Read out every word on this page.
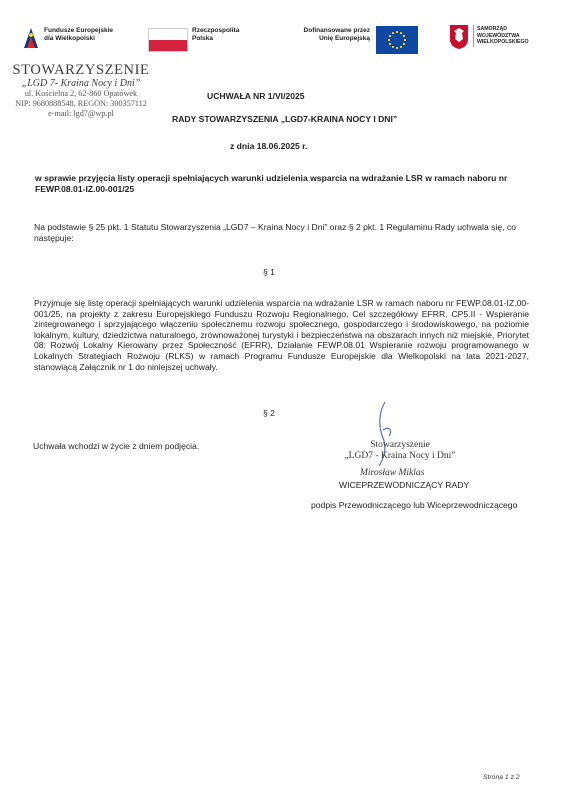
Fundusze Europejskie
dla Wielkopolski
Rzeczpospolita
Polska
Dofinansowane przez
Unię Europejską
SAMORZĄD
WOJEWÓDZTWA
WIELKOPOLSKIEGO
STOWARZYSZENIE
„LGD 7- Kraina Nocy i Dni”
ul. Kościelna 2, 62-860 Opatówek
NIP: 9680888548, REGON: 300357112
e-mail: lgd7@wp.pl
UCHWAŁA NR 1/VI/2025
RADY STOWARZYSZENIA „LGD7-KRAINA NOCY I DNI”
z dnia 18.06.2025 r.
w sprawie przyjęcia listy operacji spełniających warunki udzielenia wsparcia na wdrażanie LSR w ramach naboru nr FEWP.08.01-IZ.00-001/25
Na podstawie § 25 pkt. 1 Statutu Stowarzyszenia „LGD7 – Kraina Nocy i Dni” oraz § 2 pkt. 1 Regulaminu Rady uchwala się, co następuje:
§ 1
Przyjmuje się listę operacji spełniających warunki udzielenia wsparcia na wdrażanie LSR w ramach naboru nr FEWP.08.01-IZ.00-001/25, na projekty z zakresu Europejskiego Funduszu Rozwoju Regionalnego, Cel szczegółowy EFRR. CP5.II - Wspieranie zintegrowanego i sprzyjającego włączeniu społecznemu rozwoju społecznego, gospodarczego i środowiskowego, na poziomie lokalnym, kultury, dziedzictwa naturalnego, zrównoważonej turystyki i bezpieczeństwa na obszarach innych niż miejskie, Priorytet 08: Rozwój Lokalny Kierowany przez Społeczność (EFRR), Działanie FEWP.08.01 Wspieranie rozwoju programowanego w Lokalnych Strategiach Rozwoju (RLKS) w ramach Programu Fundusze Europejskie dla Wielkopolski na lata 2021-2027, stanowiącą Załącznik nr 1 do niniejszej uchwały.
§ 2
Uchwała wchodzi w życie z dniem podjęcia.	Stowarzyszenie
„LGD7 - Kraina Nocy i Dni”
Mirosław Miklas
WICEPRZEWODNICZĄCY RADY
podpis Przewodniczącego lub Wiceprzewodniczącego
Strona 1 z 2
